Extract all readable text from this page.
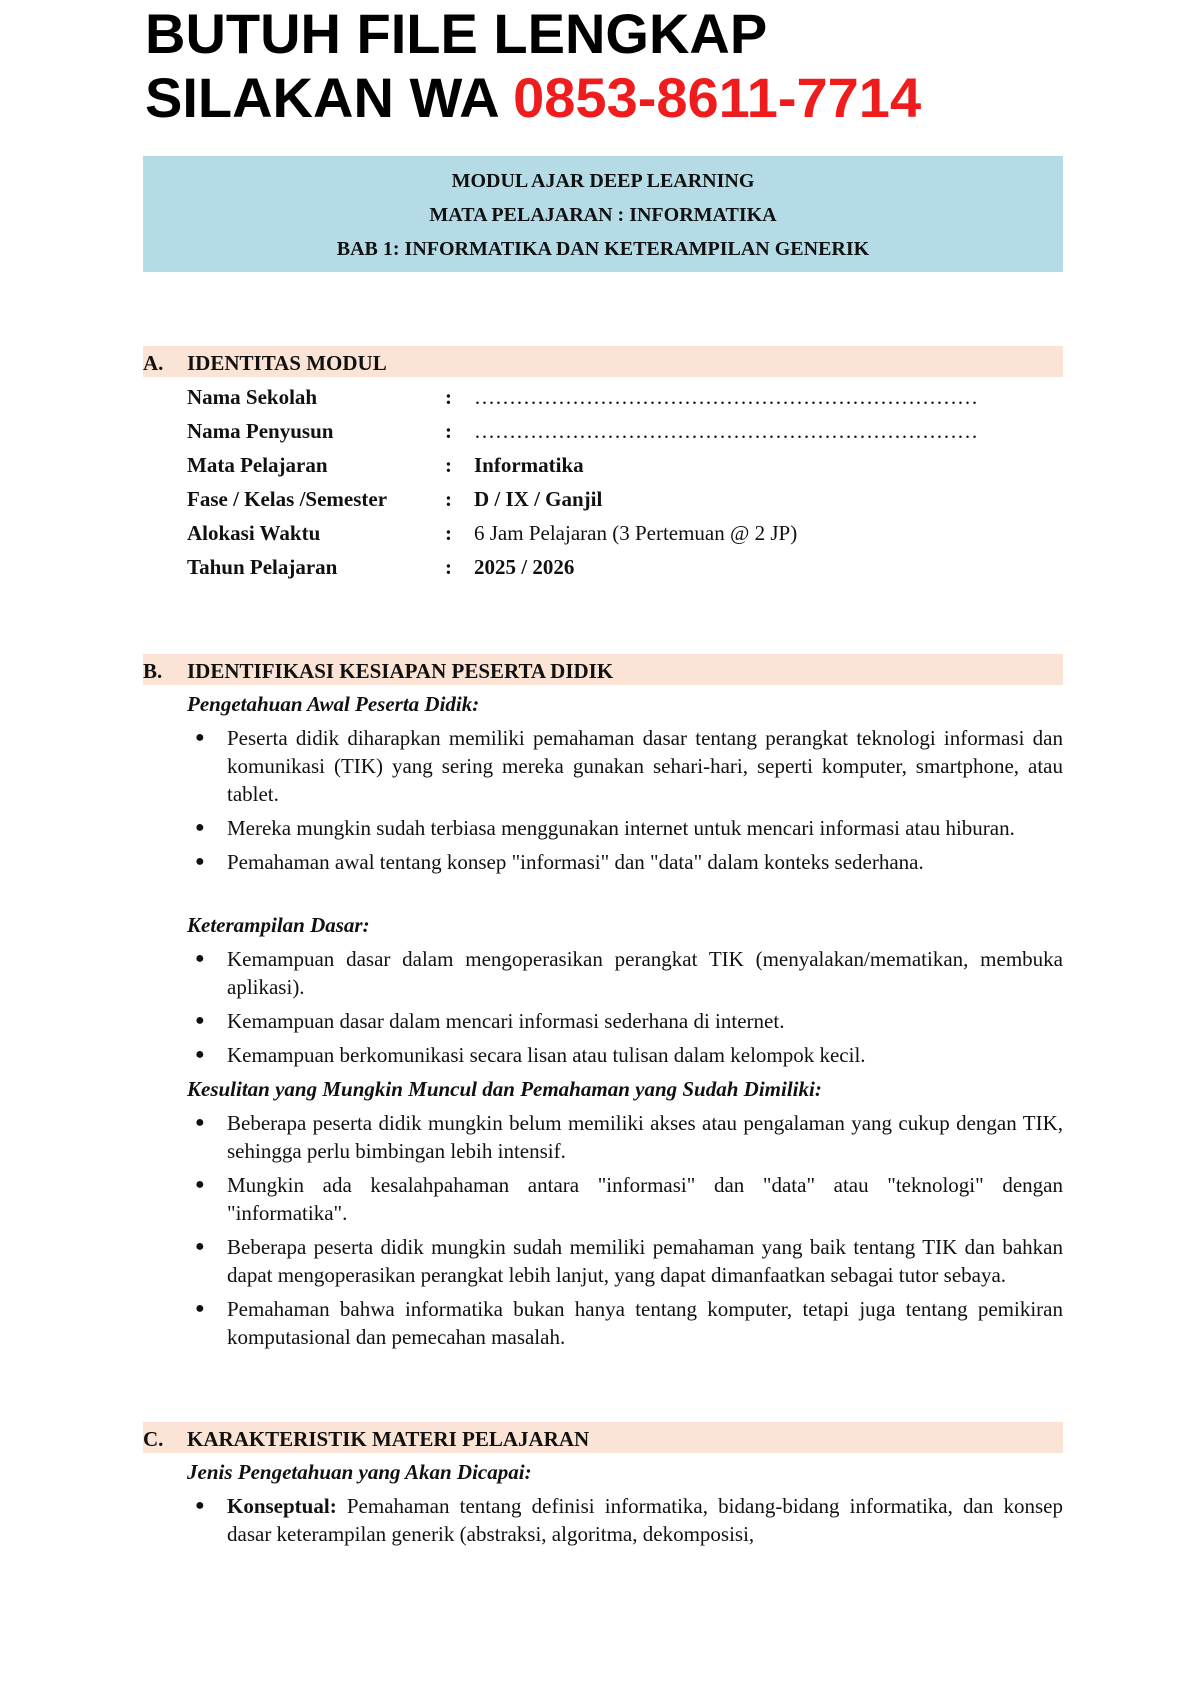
BUTUH FILE LENGKAP
SILAKAN WA 0853-8611-7714
MODUL AJAR DEEP LEARNING
MATA PELAJARAN : INFORMATIKA
BAB 1: INFORMATIKA DAN KETERAMPILAN GENERIK
A. IDENTITAS MODUL
Nama Sekolah	: ………………………………………………………………
Nama Penyusun	: ………………………………………………………………
Mata Pelajaran	: Informatika
Fase / Kelas /Semester	: D / IX / Ganjil
Alokasi Waktu	: 6 Jam Pelajaran (3 Pertemuan @ 2 JP)
Tahun Pelajaran	: 2025 / 2026
B. IDENTIFIKASI KESIAPAN PESERTA DIDIK
Pengetahuan Awal Peserta Didik:
● Peserta didik diharapkan memiliki pemahaman dasar tentang perangkat teknologi informasi dan komunikasi (TIK) yang sering mereka gunakan sehari-hari, seperti komputer, smartphone, atau tablet.
● Mereka mungkin sudah terbiasa menggunakan internet untuk mencari informasi atau hiburan.
● Pemahaman awal tentang konsep "informasi" dan "data" dalam konteks sederhana.
Keterampilan Dasar:
● Kemampuan dasar dalam mengoperasikan perangkat TIK (menyalakan/mematikan, membuka aplikasi).
● Kemampuan dasar dalam mencari informasi sederhana di internet.
● Kemampuan berkomunikasi secara lisan atau tulisan dalam kelompok kecil.
Kesulitan yang Mungkin Muncul dan Pemahaman yang Sudah Dimiliki:
● Beberapa peserta didik mungkin belum memiliki akses atau pengalaman yang cukup dengan TIK, sehingga perlu bimbingan lebih intensif.
● Mungkin ada kesalahpahaman antara "informasi" dan "data" atau "teknologi" dengan "informatika".
● Beberapa peserta didik mungkin sudah memiliki pemahaman yang baik tentang TIK dan bahkan dapat mengoperasikan perangkat lebih lanjut, yang dapat dimanfaatkan sebagai tutor sebaya.
● Pemahaman bahwa informatika bukan hanya tentang komputer, tetapi juga tentang pemikiran komputasional dan pemecahan masalah.
C. KARAKTERISTIK MATERI PELAJARAN
Jenis Pengetahuan yang Akan Dicapai:
● Konseptual: Pemahaman tentang definisi informatika, bidang-bidang informatika, dan konsep dasar keterampilan generik (abstraksi, algoritma, dekomposisi,
